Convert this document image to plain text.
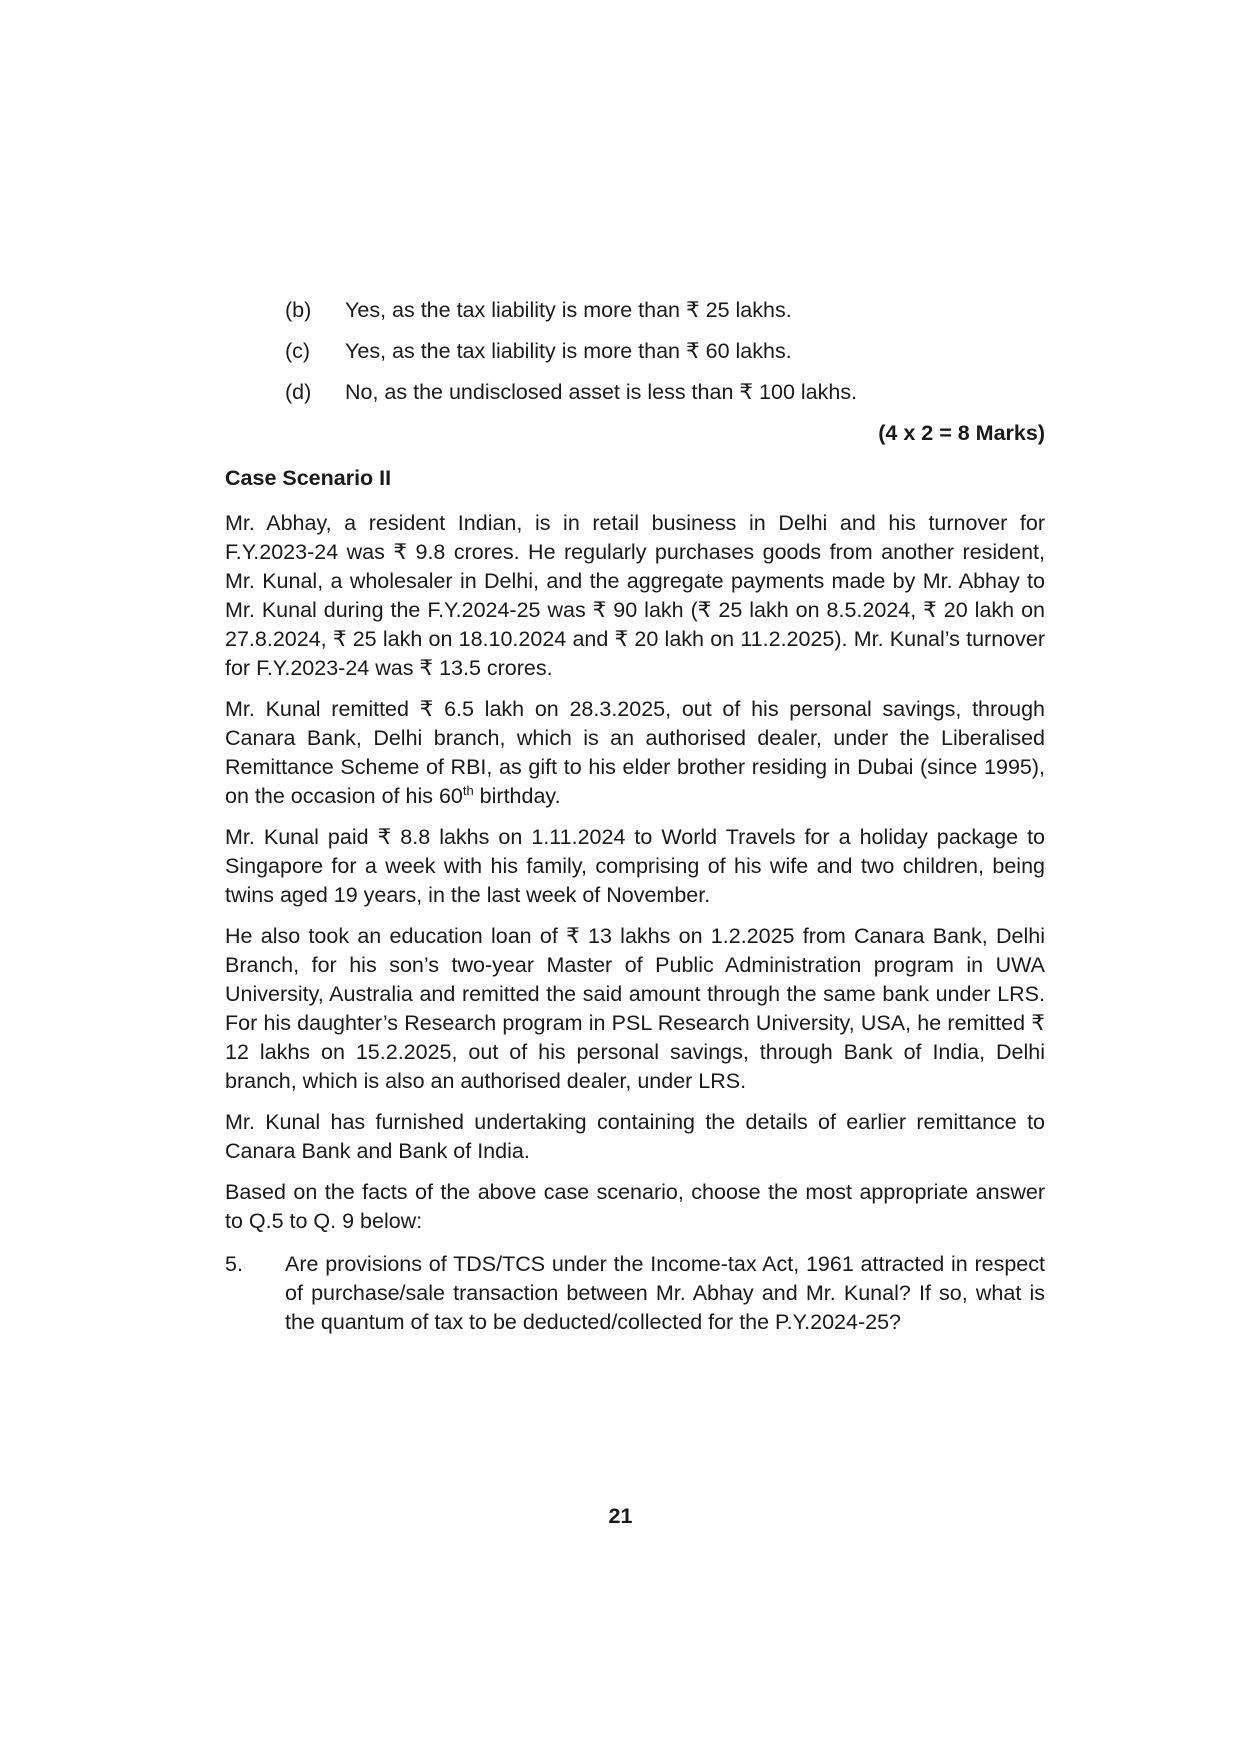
(b)	Yes, as the tax liability is more than ₹ 25 lakhs.
(c)	Yes, as the tax liability is more than ₹ 60 lakhs.
(d)	No, as the undisclosed asset is less than ₹ 100 lakhs.
(4 x 2 = 8 Marks)
Case Scenario II

Mr. Abhay, a resident Indian, is in retail business in Delhi and his turnover for F.Y.2023-24 was ₹ 9.8 crores. He regularly purchases goods from another resident, Mr. Kunal, a wholesaler in Delhi, and the aggregate payments made by Mr. Abhay to Mr. Kunal during the F.Y.2024-25 was ₹ 90 lakh (₹ 25 lakh on 8.5.2024, ₹ 20 lakh on 27.8.2024, ₹ 25 lakh on 18.10.2024 and ₹ 20 lakh on 11.2.2025). Mr. Kunal’s turnover for F.Y.2023-24 was ₹ 13.5 crores.

Mr. Kunal remitted ₹ 6.5 lakh on 28.3.2025, out of his personal savings, through Canara Bank, Delhi branch, which is an authorised dealer, under the Liberalised Remittance Scheme of RBI, as gift to his elder brother residing in Dubai (since 1995), on the occasion of his 60th birthday.

Mr. Kunal paid ₹ 8.8 lakhs on 1.11.2024 to World Travels for a holiday package to Singapore for a week with his family, comprising of his wife and two children, being twins aged 19 years, in the last week of November.

He also took an education loan of ₹ 13 lakhs on 1.2.2025 from Canara Bank, Delhi Branch, for his son’s two-year Master of Public Administration program in UWA University, Australia and remitted the said amount through the same bank under LRS. For his daughter’s Research program in PSL Research University, USA, he remitted ₹ 12 lakhs on 15.2.2025, out of his personal savings, through Bank of India, Delhi branch, which is also an authorised dealer, under LRS.

Mr. Kunal has furnished undertaking containing the details of earlier remittance to Canara Bank and Bank of India.

Based on the facts of the above case scenario, choose the most appropriate answer to Q.5 to Q. 9 below:

5.	Are provisions of TDS/TCS under the Income-tax Act, 1961 attracted in respect of purchase/sale transaction between Mr. Abhay and Mr. Kunal? If so, what is the quantum of tax to be deducted/collected for the P.Y.2024-25?
21
